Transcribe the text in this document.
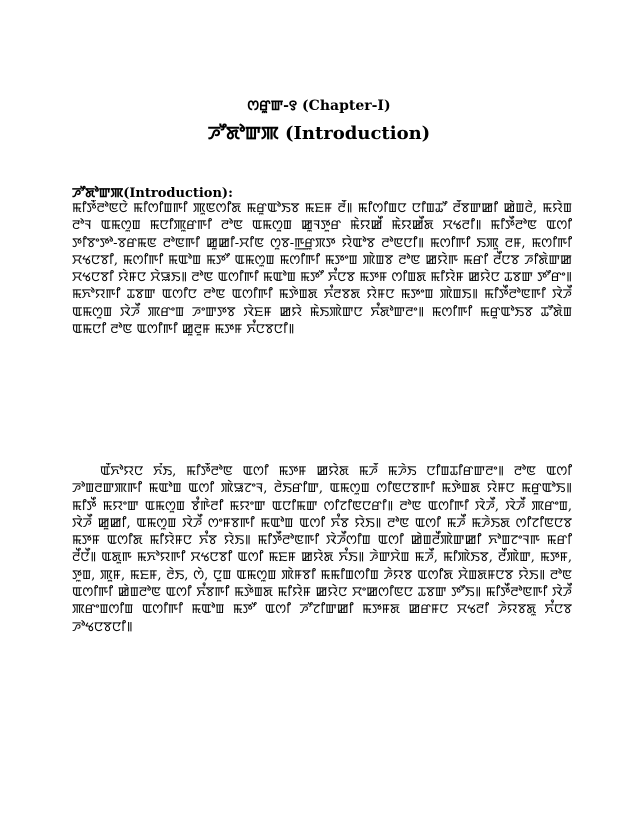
ꯁꯔꯨꯛ-꯱ (Chapter-I)
ꯍꯧꯗꯣꯛꯄ (Introduction)
ꯍꯧꯗꯣꯛꯄ(Introduction):

ꯃꯤꯇꯩꯂꯣꯟꯅꯥ ꯃꯤꯁꯤꯡꯒꯤ ꯄꯨꯟꯁꯤꯗ ꯃꯔꯨꯑꯣꯏꯕ ꯃꯐꯝ ꯂꯩ꯫ ꯃꯤꯁꯤꯡꯅ ꯅꯤꯡꯊꯧ ꯂꯩꯕꯛꯀꯤ ꯀꯥꯡꯂꯥ, ꯃꯌꯥꯡ ꯂꯣꯜ ꯑꯃꯁꯨꯡ ꯃꯅꯤꯄꯨꯔꯒꯤ ꯂꯣꯟ ꯑꯃꯁꯨꯡ ꯀꯨꯜꯇꯨꯔ ꯃꯥꯌꯀꯩ ꯃꯥꯌꯀꯩꯗ ꯆꯠꯂꯤ꯫ ꯃꯤꯇꯩꯂꯣꯟ ꯑꯁꯤ ꯇꯤꯕꯦꯇꯣ-ꯕꯔꯃꯟ ꯂꯣꯟꯒꯤ ꯀꯨꯀꯤ-ꯆꯤꯟ ꯁꯨꯕ-ꯒ꯭ꯔꯨꯞꯇ ꯌꯥꯑꯣꯕ ꯂꯣꯟꯅꯤ꯫ ꯃꯁꯤꯒꯤ ꯏꯄꯨ ꯂꯝ, ꯃꯁꯤꯒꯤ ꯆꯠꯅꯕꯤ, ꯃꯁꯤꯒꯤ ꯃꯑꯣꯡ ꯃꯇꯧ ꯑꯃꯁꯨꯡ ꯃꯁꯤꯒꯤ ꯃꯇꯦꯡ ꯄꯥꯡꯕ ꯂꯣꯟ ꯀꯌꯥꯒ ꯃꯔꯤ ꯂꯩꯅꯕ ꯍꯤꯗꯥꯛꯀ ꯆꯠꯅꯕꯤ ꯌꯥꯝꯅ ꯆꯥꯎꯏ꯫ ꯂꯣꯟ ꯑꯁꯤꯒꯤ ꯃꯑꯣꯡ ꯃꯇꯧ ꯈꯪꯅꯕ ꯃꯇꯝ ꯁꯤꯡꯗ ꯃꯤꯌꯥꯝ ꯀꯌꯥꯅ ꯊꯕꯛ ꯇꯧꯔꯦ꯫ ꯃꯈꯣꯌꯒꯤ ꯊꯕꯛ ꯑꯁꯤꯅ ꯂꯣꯟ ꯑꯁꯤꯒꯤ ꯃꯇꯥꯡꯗ ꯈꯪꯂꯕꯗ ꯌꯥꯝꯅ ꯃꯇꯦꯡ ꯄꯥꯡꯏ꯫ ꯃꯤꯇꯩꯂꯣꯟꯒꯤ ꯋꯥꯍꯩ ꯑꯃꯁꯨꯡ ꯋꯥꯍꯩ ꯄꯔꯦꯡ ꯍꯦꯛꯇꯕ ꯋꯥꯐꯝ ꯀꯌꯥ ꯃꯥꯏꯄꯥꯛꯅ ꯈꯪꯗꯣꯛꯂꯦ꯫ ꯃꯁꯤꯒꯤ ꯃꯔꯨꯑꯣꯏꯕ ꯊꯧꯗꯥꯡ ꯑꯃꯅꯤ ꯂꯣꯟ ꯑꯁꯤꯒꯤ ꯀꯨꯂꯨꯝ ꯃꯇꯝ ꯈꯪꯅꯕꯅꯤ꯫

ꯑꯩꯈꯣꯌꯅ ꯈꯪꯏ, ꯃꯤꯇꯩꯂꯣꯟ ꯑꯁꯤ ꯃꯇꯝ ꯀꯌꯥꯗ ꯃꯍꯩ ꯃꯍꯥꯏ ꯅꯤꯡꯊꯤꯔꯛꯂꯦ꯫ ꯂꯣꯟ ꯑꯁꯤ ꯍꯣꯡꯂꯛꯄꯒꯤ ꯃꯑꯣꯡ ꯑꯁꯤ ꯄꯥꯎꯖꯦꯜ, ꯂꯥꯏꯔꯤꯛ, ꯑꯃꯁꯨꯡ ꯁꯤꯟꯅꯕꯒꯤ ꯃꯇꯥꯡꯗ ꯌꯥꯝꯅ ꯃꯔꯨꯑꯣꯏ꯫ ꯃꯤꯇꯩ ꯃꯌꯦꯛ ꯑꯃꯁꯨꯡ ꯕꯪꯒꯥꯂꯤ ꯃꯌꯦꯛ ꯑꯅꯤꯃꯛ ꯁꯤꯖꯤꯟꯅꯔꯤ꯫ ꯂꯣꯟ ꯑꯁꯤꯒꯤ ꯋꯥꯍꯩ, ꯋꯥꯍꯩ ꯄꯔꯦꯡ, ꯋꯥꯍꯩ ꯀꯨꯀꯤ, ꯑꯃꯁꯨꯡ ꯋꯥꯍꯩ ꯁꯦꯝꯕꯒꯤ ꯃꯑꯣꯡ ꯑꯁꯤ ꯈꯪꯕ ꯌꯥꯏ꯫ ꯂꯣꯟ ꯑꯁꯤ ꯃꯍꯩ ꯃꯍꯥꯏꯗ ꯁꯤꯖꯤꯟꯅꯕ ꯃꯇꯝ ꯑꯁꯤꯗ ꯃꯤꯌꯥꯝꯅ ꯈꯪꯕ ꯌꯥꯏ꯫ ꯃꯤꯇꯩꯂꯣꯟꯒꯤ ꯋꯥꯍꯩꯁꯤꯡ ꯑꯁꯤ ꯀꯥꯡꯂꯩꯄꯥꯛꯀꯤ ꯈꯣꯡꯖꯦꯜꯒ ꯃꯔꯤ ꯂꯩꯅꯩ꯫ ꯑꯗꯨꯒ ꯃꯈꯣꯌꯒꯤ ꯆꯠꯅꯕꯤ ꯑꯁꯤ ꯃꯐꯝ ꯀꯌꯥꯗ ꯈꯪꯏ꯫ ꯍꯥꯛꯆꯥꯡ ꯃꯍꯩ, ꯃꯤꯄꯥꯏꯕ, ꯂꯩꯄꯥꯛ, ꯃꯇꯝ, ꯇꯨꯡ, ꯄꯨꯝ, ꯃꯐꯝ, ꯂꯥꯏ, ꯁꯥ, ꯅꯨꯡ ꯑꯃꯁꯨꯡ ꯄꯥꯝꯕꯤ ꯃꯃꯤꯡꯁꯤꯡ ꯍꯥꯌꯕ ꯑꯁꯤꯗ ꯆꯥꯡꯗꯝꯅꯕ ꯌꯥꯏ꯫ ꯂꯣꯟ ꯑꯁꯤꯒꯤ ꯀꯥꯡꯂꯣꯟ ꯑꯁꯤ ꯈꯪꯕꯒꯤ ꯃꯇꯥꯡꯗ ꯃꯤꯌꯥꯝ ꯀꯌꯥꯅ ꯆꯦꯀꯁꯤꯟꯅ ꯊꯕꯛ ꯇꯧꯏ꯫ ꯃꯤꯇꯩꯂꯣꯟꯒꯤ ꯋꯥꯍꯩ ꯄꯔꯦꯡꯁꯤꯡ ꯑꯁꯤꯒꯤ ꯃꯑꯣꯡ ꯃꯇꯧ ꯑꯁꯤ ꯍꯧꯖꯤꯛꯀꯤ ꯃꯇꯝꯗ ꯀꯔꯝꯅ ꯆꯠꯂꯤ ꯍꯥꯌꯕꯗꯨ ꯈꯪꯅꯕ ꯍꯣꯠꯅꯕꯅꯤ꯫
